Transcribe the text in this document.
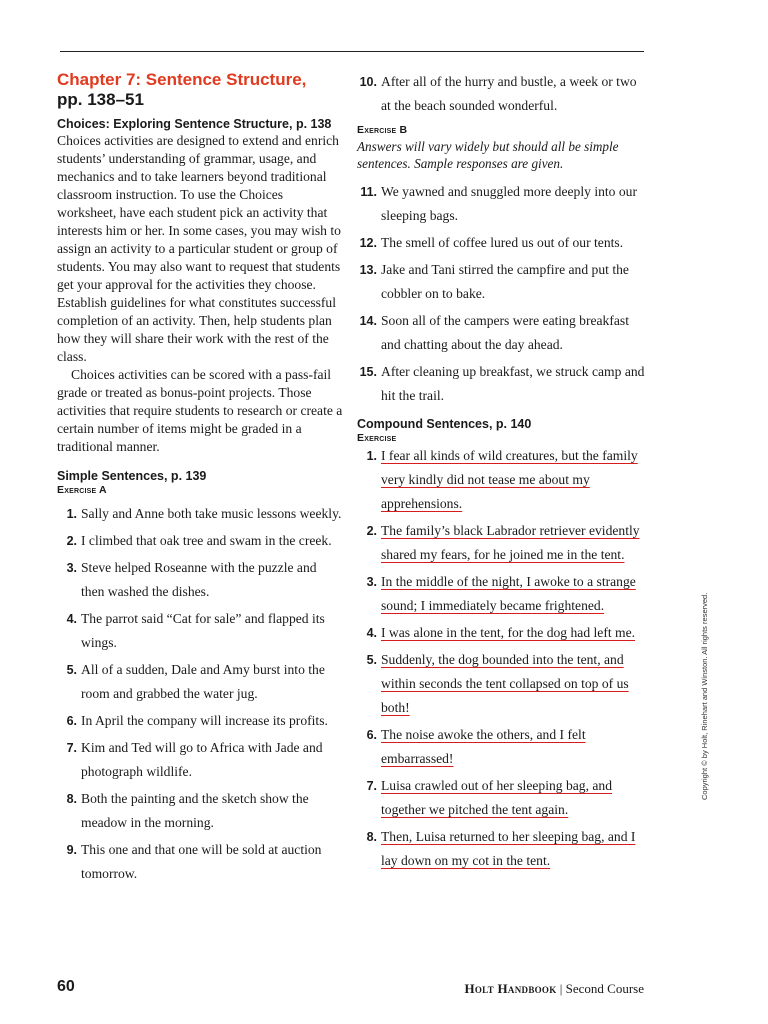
Chapter 7: Sentence Structure,
pp. 138–51
Choices: Exploring Sentence Structure, p. 138

Choices activities are designed to extend and enrich students’ understanding of grammar, usage, and mechanics and to take learners beyond traditional classroom instruction. To use the Choices worksheet, have each student pick an activity that interests him or her. In some cases, you may wish to assign an activity to a particular student or group of students. You may also want to request that students get your approval for the activities they choose. Establish guidelines for what constitutes successful completion of an activity. Then, help students plan how they will share their work with the rest of the class.

Choices activities can be scored with a pass-fail grade or treated as bonus-point projects. Those activities that require students to research or create a certain number of items might be graded in a traditional manner.

Simple Sentences, p. 139
Exercise A
1. Sally and Anne both take music lessons weekly.
2. I climbed that oak tree and swam in the creek.
3. Steve helped Roseanne with the puzzle and then washed the dishes.
4. The parrot said “Cat for sale” and flapped its wings.
5. All of a sudden, Dale and Amy burst into the room and grabbed the water jug.
6. In April the company will increase its profits.
7. Kim and Ted will go to Africa with Jade and photograph wildlife.
8. Both the painting and the sketch show the meadow in the morning.
9. This one and that one will be sold at auction tomorrow.
10. After all of the hurry and bustle, a week or two at the beach sounded wonderful.
Exercise B

Answers will vary widely but should all be simple sentences. Sample responses are given.

11. We yawned and snuggled more deeply into our sleeping bags.
12. The smell of coffee lured us out of our tents.
13. Jake and Tani stirred the campfire and put the cobbler on to bake.
14. Soon all of the campers were eating breakfast and chatting about the day ahead.
15. After cleaning up breakfast, we struck camp and hit the trail.
Compound Sentences, p. 140
Exercise
1. I fear all kinds of wild creatures, but the family very kindly did not tease me about my apprehensions.
2. The family’s black Labrador retriever evidently shared my fears, for he joined me in the tent.
3. In the middle of the night, I awoke to a strange sound; I immediately became frightened.
4. I was alone in the tent, for the dog had left me.
5. Suddenly, the dog bounded into the tent, and within seconds the tent collapsed on top of us both!
6. The noise awoke the others, and I felt embarrassed!
7. Luisa crawled out of her sleeping bag, and together we pitched the tent again.
8. Then, Luisa returned to her sleeping bag, and I lay down on my cot in the tent.
Copyright © by Holt, Rinehart and Winston. All rights reserved.
60	Holt Handbook | Second Course
